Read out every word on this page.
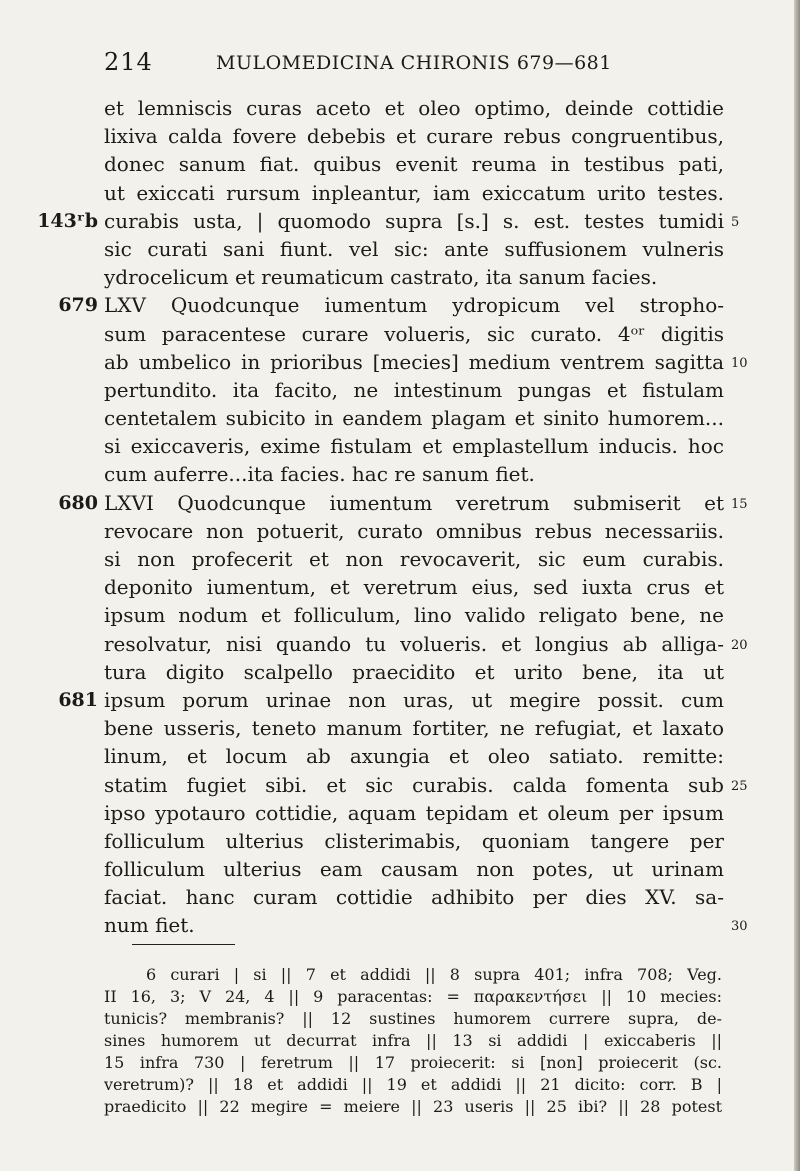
214	MULOMEDICINA CHIRONIS 679—681
et lemniscis curas aceto et oleo optimo, deinde cottidie
lixiva calda fovere debebis et curare rebus congruentibus,
donec sanum fiat. quibus evenit reuma in testibus pati,
ut exiccati rursum inpleantur, iam exiccatum urito testes.
curabis usta, | quomodo supra [s.] s. est. testes tumidi
143ʳb	5
sic curati sani fiunt. vel sic: ante suffusionem vulneris
ydrocelicum et reumaticum castrato, ita sanum facies.
LXV Quodcunque iumentum ydropicum vel stropho-
679
sum paracentese curare volueris, sic curato. 4ᵒʳ digitis
ab umbelico in prioribus [mecies] medium ventrem sagitta 10
pertundito. ita facito, ne intestinum pungas et fistulam
centetalem subicito in eandem plagam et sinito humorem...
si exiccaveris, exime fistulam et emplastellum inducis. hoc
cum auferre...ita facies. hac re sanum fiet.
LXVI Quodcunque iumentum veretrum submiserit et
680	15
revocare non potuerit, curato omnibus rebus necessariis.
si non profecerit et non revocaverit, sic eum curabis.
deponito iumentum, et veretrum eius, sed iuxta crus et
ipsum nodum et folliculum, lino valido religato bene, ne
resolvatur, nisi quando tu volueris. et longius ab alliga- 20
tura digito scalpello praecidito et urito bene, ita ut
ipsum porum urinae non uras, ut megire possit. cum
681
bene usseris, teneto manum fortiter, ne refugiat, et laxato
linum, et locum ab axungia et oleo satiato. remitte:
statim fugiet sibi. et sic curabis. calda fomenta sub 25
ipso ypotauro cottidie, aquam tepidam et oleum per ipsum
folliculum ulterius clisterimabis, quoniam tangere per
folliculum ulterius eam causam non potes, ut urinam
faciat. hanc curam cottidie adhibito per dies XV. sa-
num fiet.	30
6 curari | si || 7 et addidi || 8 supra 401; infra 708; Veg.
II 16, 3; V 24, 4 || 9 paracentas: = παρακεντήσει || 10 mecies:
tunicis? membranis? || 12 sustines humorem currere supra, de-
sines humorem ut decurrat infra || 13 si addidi | exiccaberis ||
15 infra 730 | feretrum || 17 proiecerit: si [non] proiecerit (sc.
veretrum)? || 18 et addidi || 19 et addidi || 21 dicito: corr. B |
praedicito || 22 megire = meiere || 23 useris || 25 ibi? || 28 potest
